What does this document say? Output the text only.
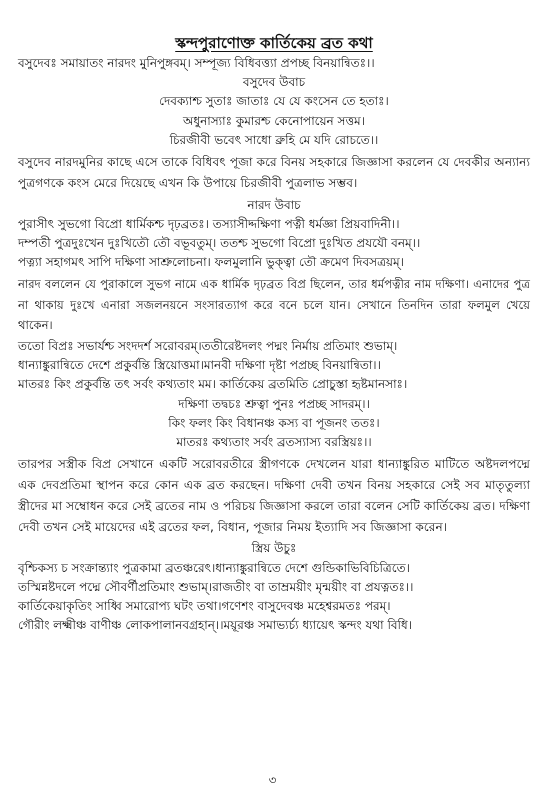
স্কন্দপুরাণোক্ত কার্তিকেয় ব্রত কথা

বসুদেবঃ সমায়াতং নারদং মুনিপুঙ্গবম্। সম্পূজ্য বিধিবত্ত্যা প্রপচ্ছ বিনয়ান্বিতঃ।।

বসুদেব উবাচ

দেবক্যাশ্চ সুতাঃ জাতাঃ যে যে কংসেন তে হতাঃ।

অধুনাস্যাঃ কুমারশ্চ কেনোপায়েন সত্তম।

চিরজীবী ভবেৎ সাধো ব্রুহি মে যদি রোচতে।।

বসুদেব নারদমুনির কাছে এসে তাকে বিধিবৎ পূজা করে বিনয় সহকারে জিজ্ঞাসা করলেন যে দেবকীর অন্যান্য পুত্রগণকে কংস মেরে দিয়েছে এখন কি উপায়ে চিরজীবী পুত্রলাভ সম্ভব।

নারদ উবাচ

পুরাসীৎ সুভগো বিপ্রো ধার্মিকশ্চ দৃঢ়ব্রতঃ। তস্যাসীদ্দক্ষিণা পত্নী ধর্মজ্ঞা প্রিয়বাদিনী।।

দম্পতী পুত্রদুঃখেন দুঃখিতৌ তৌ বভূবতুম্। ততশ্চ সুভগো বিপ্রো দুঃখিত প্রযযৌ বনম্।।

পত্ন্যা সহাগমৎ সাপি দক্ষিণা সাশ্রুলোচনা। ফলমুলানি ভুক্ত্বা তৌ ক্রমেণ দিবসত্রয়ম্।

নারদ বললেন যে পুরাকালে সুভগ নামে এক ধার্মিক দৃঢ়ব্রত বিপ্র ছিলেন, তার ধর্মপত্নীর নাম দক্ষিণা। এনাদের পুত্র না থাকায় দুঃখে এনারা সজলনয়নে সংসারত্যাগ করে বনে চলে যান। সেখানে তিনদিন তারা ফলমুল খেয়ে থাকেন।

ততো বিপ্রঃ সভার্যশ্চ সংদদর্শ সরোবরম্।ততীরেষ্টদলং পদ্মং নির্মায় প্রতিমাং শুভাম্।

ধান্যাঙ্কুরান্বিতে দেশে প্রকুর্বন্তি স্ত্রিয়োত্তমা।মানবী দক্ষিণা দৃষ্টা পপ্রচ্ছ বিনয়ান্বিতা।।

মাতরঃ কিং প্রকুর্বন্তি তৎ সর্বং কথ্যতাং মম। কার্তিকেয় ব্রতমিতি প্রোচুস্তা হৃষ্টমানসাঃ।

দক্ষিণা তদ্বচঃ শ্রুত্বা পুনঃ পপ্রচ্ছ সাদরম্।।

কিং ফলং কিং বিধানঞ্চ কস্য বা পূজনং ততঃ।

মাতরঃ কথ্যতাং সর্বং ব্রতস্যাস্য বরস্ত্রিয়ঃ।।

তারপর সস্ত্রীক বিপ্র সেখানে একটি সরোবরতীরে স্ত্রীগণকে দেখলেন যারা ধান্যাঙ্কুরিত মাটিতে অষ্টদলপদ্মে এক দেবপ্রতিমা স্থাপন করে কোন এক ব্রত করছেন। দক্ষিণা দেবী তখন বিনয় সহকারে সেই সব মাতৃতুল্যা স্ত্রীদের মা সম্বোধন করে সেই ব্রতের নাম ও পরিচয় জিজ্ঞাসা করলে তারা বলেন সেটি কার্তিকেয় ব্রত। দক্ষিণা দেবী তখন সেই মায়েদের এই ব্রতের ফল, বিধান, পূজার নিময় ইত্যাদি সব জিজ্ঞাসা করেন।

স্ত্রিয় উচুঃ

বৃশ্চিকস্য চ সংক্রান্ত্যাং পুত্রকামা ব্রতঞ্চরেৎ।ধান্যাঙ্কুরান্বিতে দেশে গুন্ডিকাভিবিচিত্রিতে।

তস্মিন্নষ্টদলে পদ্মে সৌবর্ণীপ্রতিমাং শুভাম্।রাজতীং বা তাম্রময়ীং মৃন্ময়ীং বা প্রযত্নতঃ।।

কার্তিকেয়াকৃতিং সাধ্বি সমারোপ্য ঘটং তথা।গণেশং বাসুদেবঞ্চ মহেশ্বরমতঃ পরম্।

গৌরীং লক্ষ্মীঞ্চ বাণীঞ্চ লোকপালানবগ্রহান্।।ময়ূরঞ্চ সমাভ্যর্চ্য ধ্যায়েৎ স্কন্দং যথা বিধি।

৩
